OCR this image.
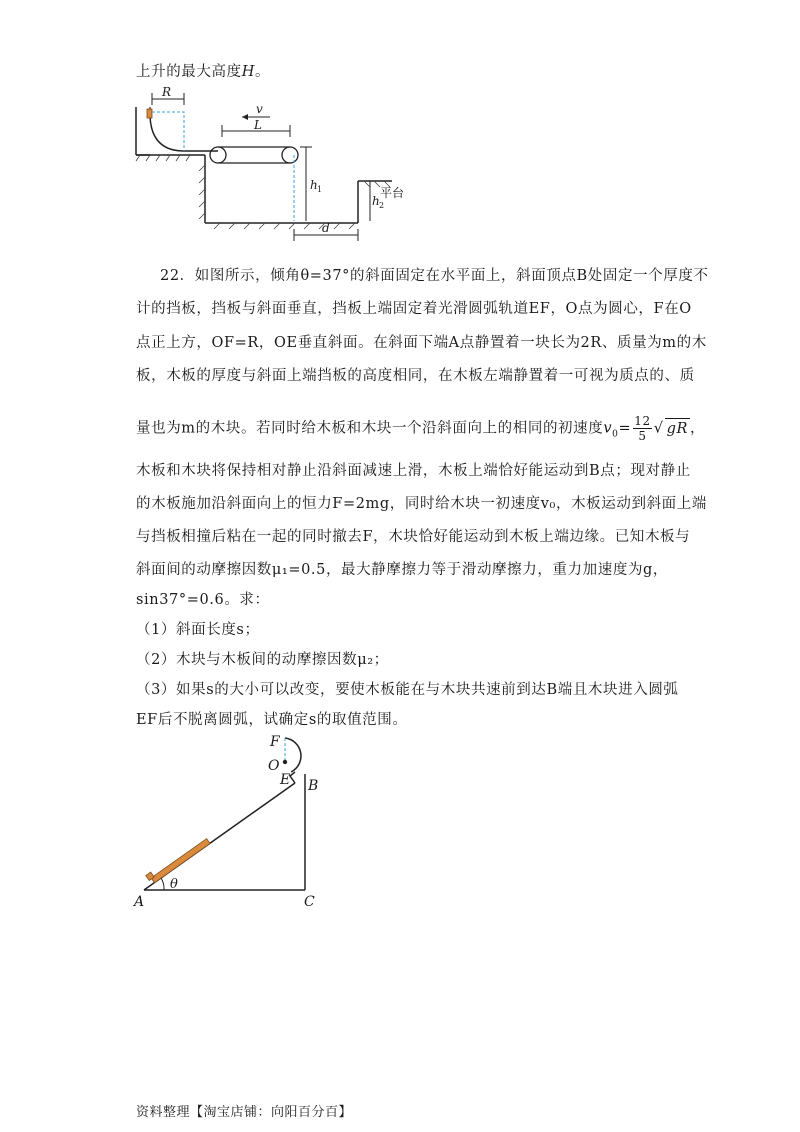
上升的最大高度H。
R
L
v
h 1
h 2
平台
d
22．如图所示，倾角θ=37°的斜面固定在水平面上，斜面顶点B处固定一个厚度不
计的挡板，挡板与斜面垂直，挡板上端固定着光滑圆弧轨道EF，O点为圆心，F在O
点正上方，OF=R，OE垂直斜面。在斜面下端A点静置着一块长为2R、质量为m的木
板，木板的厚度与斜面上端挡板的高度相同，在木板左端静置着一可视为质点的、质
量也为m的木块。若同时给木板和木块一个沿斜面向上的相同的初速度$v_0= \frac{12}{5}$ √ gR ，
木板和木块将保持相对静止沿斜面减速上滑，木板上端恰好能运动到B点；现对静止
的木板施加沿斜面向上的恒力F=2mg，同时给木块一初速度v₀，木板运动到斜面上端
与挡板相撞后粘在一起的同时撤去F，木块恰好能运动到木板上端边缘。已知木板与
斜面间的动摩擦因数μ₁=0.5，最大静摩擦力等于滑动摩擦力，重力加速度为g，
sin37°=0.6。求：
（1）斜面长度s；
（2）木块与木板间的动摩擦因数μ₂；
（3）如果s的大小可以改变，要使木板能在与木块共速前到达B端且木块进入圆弧
EF后不脱离圆弧，试确定s的取值范围。
θ
F
O
E B
A	C
资料整理【淘宝店铺：向阳百分百】
